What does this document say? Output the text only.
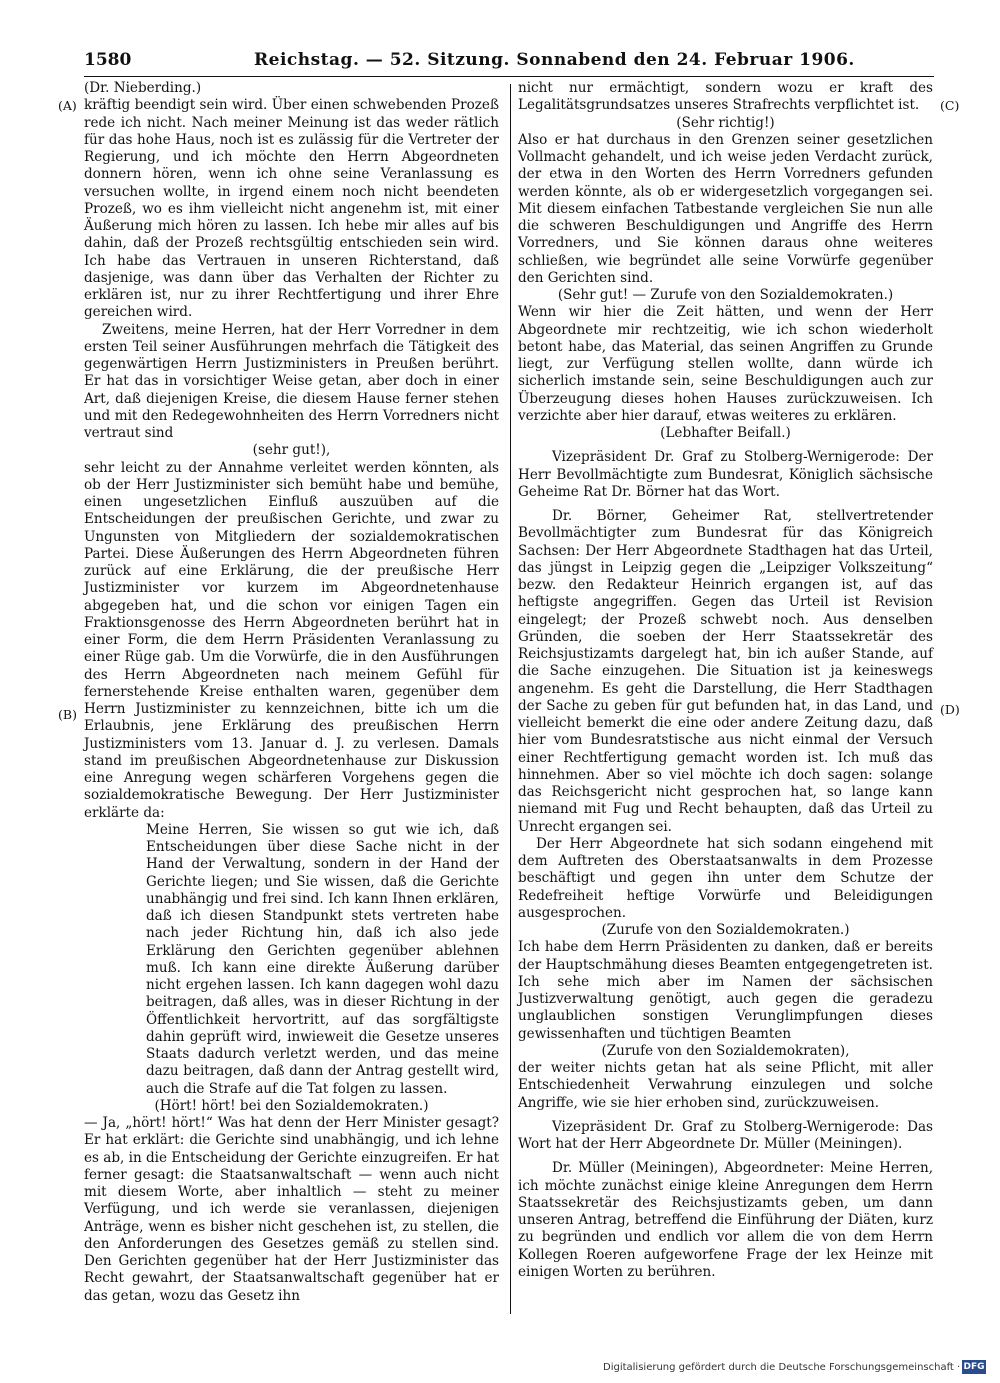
1580	Reichstag. — 52. Sitzung. Sonnabend den 24. Februar 1906.
(A)
(B)
(C)
(D)

(Dr. Nieberding.)

kräftig beendigt sein wird. Über einen schwebenden Prozeß rede ich nicht. Nach meiner Meinung ist das weder rätlich für das hohe Haus, noch ist es zulässig für die Vertreter der Regierung, und ich möchte den Herrn Abgeordneten donnern hören, wenn ich ohne seine Veranlassung es versuchen wollte, in irgend einem noch nicht beendeten Prozeß, wo es ihm vielleicht nicht angenehm ist, mit einer Äußerung mich hören zu lassen. Ich hebe mir alles auf bis dahin, daß der Prozeß rechtsgültig entschieden sein wird. Ich habe das Vertrauen in unseren Richterstand, daß dasjenige, was dann über das Verhalten der Richter zu erklären ist, nur zu ihrer Rechtfertigung und ihrer Ehre gereichen wird.

Zweitens, meine Herren, hat der Herr Vorredner in dem ersten Teil seiner Ausführungen mehrfach die Tätigkeit des gegenwärtigen Herrn Justizministers in Preußen berührt. Er hat das in vorsichtiger Weise getan, aber doch in einer Art, daß diejenigen Kreise, die diesem Hause ferner stehen und mit den Redegewohnheiten des Herrn Vorredners nicht vertraut sind

(sehr gut!),

sehr leicht zu der Annahme verleitet werden könnten, als ob der Herr Justizminister sich bemüht habe und bemühe, einen ungesetzlichen Einfluß auszuüben auf die Entscheidungen der preußischen Gerichte, und zwar zu Ungunsten von Mitgliedern der sozialdemokratischen Partei. Diese Äußerungen des Herrn Abgeordneten führen zurück auf eine Erklärung, die der preußische Herr Justizminister vor kurzem im Abgeordnetenhause abgegeben hat, und die schon vor einigen Tagen ein Fraktionsgenosse des Herrn Abgeordneten berührt hat in einer Form, die dem Herrn Präsidenten Veranlassung zu einer Rüge gab. Um die Vorwürfe, die in den Ausführungen des Herrn Abgeordneten nach meinem Gefühl für fernerstehende Kreise enthalten waren, gegenüber dem Herrn Justizminister zu kennzeichnen, bitte ich um die Erlaubnis, jene Erklärung des preußischen Herrn Justizministers vom 13. Januar d. J. zu verlesen. Damals stand im preußischen Abgeordnetenhause zur Diskussion eine Anregung wegen schärferen Vorgehens gegen die sozialdemokratische Bewegung. Der Herr Justizminister erklärte da:

Meine Herren, Sie wissen so gut wie ich, daß Entscheidungen über diese Sache nicht in der Hand der Verwaltung, sondern in der Hand der Gerichte liegen; und Sie wissen, daß die Gerichte unabhängig und frei sind. Ich kann Ihnen erklären, daß ich diesen Standpunkt stets vertreten habe nach jeder Richtung hin, daß ich also jede Erklärung den Gerichten gegenüber ablehnen muß. Ich kann eine direkte Äußerung darüber nicht ergehen lassen. Ich kann dagegen wohl dazu beitragen, daß alles, was in dieser Richtung in der Öffentlichkeit hervortritt, auf das sorgfältigste dahin geprüft wird, inwieweit die Gesetze unseres Staats dadurch verletzt werden, und das meine dazu beitragen, daß dann der Antrag gestellt wird, auch die Strafe auf die Tat folgen zu lassen.

(Hört! hört! bei den Sozialdemokraten.)

— Ja, „hört! hört!“ Was hat denn der Herr Minister gesagt? Er hat erklärt: die Gerichte sind unabhängig, und ich lehne es ab, in die Entscheidung der Gerichte einzugreifen. Er hat ferner gesagt: die Staatsanwaltschaft — wenn auch nicht mit diesem Worte, aber inhaltlich — steht zu meiner Verfügung, und ich werde sie veranlassen, diejenigen Anträge, wenn es bisher nicht geschehen ist, zu stellen, die den Anforderungen des Gesetzes gemäß zu stellen sind. Den Gerichten gegenüber hat der Herr Justizminister das Recht gewahrt, der Staatsanwaltschaft gegenüber hat er das getan, wozu das Gesetz ihn

nicht nur ermächtigt, sondern wozu er kraft des Legalitätsgrundsatzes unseres Strafrechts verpflichtet ist.

(Sehr richtig!)

Also er hat durchaus in den Grenzen seiner gesetzlichen Vollmacht gehandelt, und ich weise jeden Verdacht zurück, der etwa in den Worten des Herrn Vorredners gefunden werden könnte, als ob er widergesetzlich vorgegangen sei. Mit diesem einfachen Tatbestande vergleichen Sie nun alle die schweren Beschuldigungen und Angriffe des Herrn Vorredners, und Sie können daraus ohne weiteres schließen, wie begründet alle seine Vorwürfe gegenüber den Gerichten sind.

(Sehr gut! — Zurufe von den Sozialdemokraten.)

Wenn wir hier die Zeit hätten, und wenn der Herr Abgeordnete mir rechtzeitig, wie ich schon wiederholt betont habe, das Material, das seinen Angriffen zu Grunde liegt, zur Verfügung stellen wollte, dann würde ich sicherlich imstande sein, seine Beschuldigungen auch zur Überzeugung dieses hohen Hauses zurückzuweisen. Ich verzichte aber hier darauf, etwas weiteres zu erklären.

(Lebhafter Beifall.)

Vizepräsident Dr. Graf zu Stolberg-Wernigerode: Der Herr Bevollmächtigte zum Bundesrat, Königlich sächsische Geheime Rat Dr. Börner hat das Wort.

Dr. Börner, Geheimer Rat, stellvertretender Bevollmächtigter zum Bundesrat für das Königreich Sachsen: Der Herr Abgeordnete Stadthagen hat das Urteil, das jüngst in Leipzig gegen die „Leipziger Volkszeitung“ bezw. den Redakteur Heinrich ergangen ist, auf das heftigste angegriffen. Gegen das Urteil ist Revision eingelegt; der Prozeß schwebt noch. Aus denselben Gründen, die soeben der Herr Staatssekretär des Reichsjustizamts dargelegt hat, bin ich außer Stande, auf die Sache einzugehen. Die Situation ist ja keineswegs angenehm. Es geht die Darstellung, die Herr Stadthagen der Sache zu geben für gut befunden hat, in das Land, und vielleicht bemerkt die eine oder andere Zeitung dazu, daß hier vom Bundesratstische aus nicht einmal der Versuch einer Rechtfertigung gemacht worden ist. Ich muß das hinnehmen. Aber so viel möchte ich doch sagen: solange das Reichsgericht nicht gesprochen hat, so lange kann niemand mit Fug und Recht behaupten, daß das Urteil zu Unrecht ergangen sei.

Der Herr Abgeordnete hat sich sodann eingehend mit dem Auftreten des Oberstaatsanwalts in dem Prozesse beschäftigt und gegen ihn unter dem Schutze der Redefreiheit heftige Vorwürfe und Beleidigungen ausgesprochen.

(Zurufe von den Sozialdemokraten.)

Ich habe dem Herrn Präsidenten zu danken, daß er bereits der Hauptschmähung dieses Beamten entgegengetreten ist. Ich sehe mich aber im Namen der sächsischen Justizverwaltung genötigt, auch gegen die geradezu unglaublichen sonstigen Verunglimpfungen dieses gewissenhaften und tüchtigen Beamten

(Zurufe von den Sozialdemokraten),

der weiter nichts getan hat als seine Pflicht, mit aller Entschiedenheit Verwahrung einzulegen und solche Angriffe, wie sie hier erhoben sind, zurückzuweisen.

Vizepräsident Dr. Graf zu Stolberg-Wernigerode: Das Wort hat der Herr Abgeordnete Dr. Müller (Meiningen).

Dr. Müller (Meiningen), Abgeordneter: Meine Herren, ich möchte zunächst einige kleine Anregungen dem Herrn Staatssekretär des Reichsjustizamts geben, um dann unseren Antrag, betreffend die Einführung der Diäten, kurz zu begründen und endlich vor allem die von dem Herrn Kollegen Roeren aufgeworfene Frage der lex Heinze mit einigen Worten zu berühren.

Digitalisierung gefördert durch die Deutsche Forschungsgemeinschaft · DFG
